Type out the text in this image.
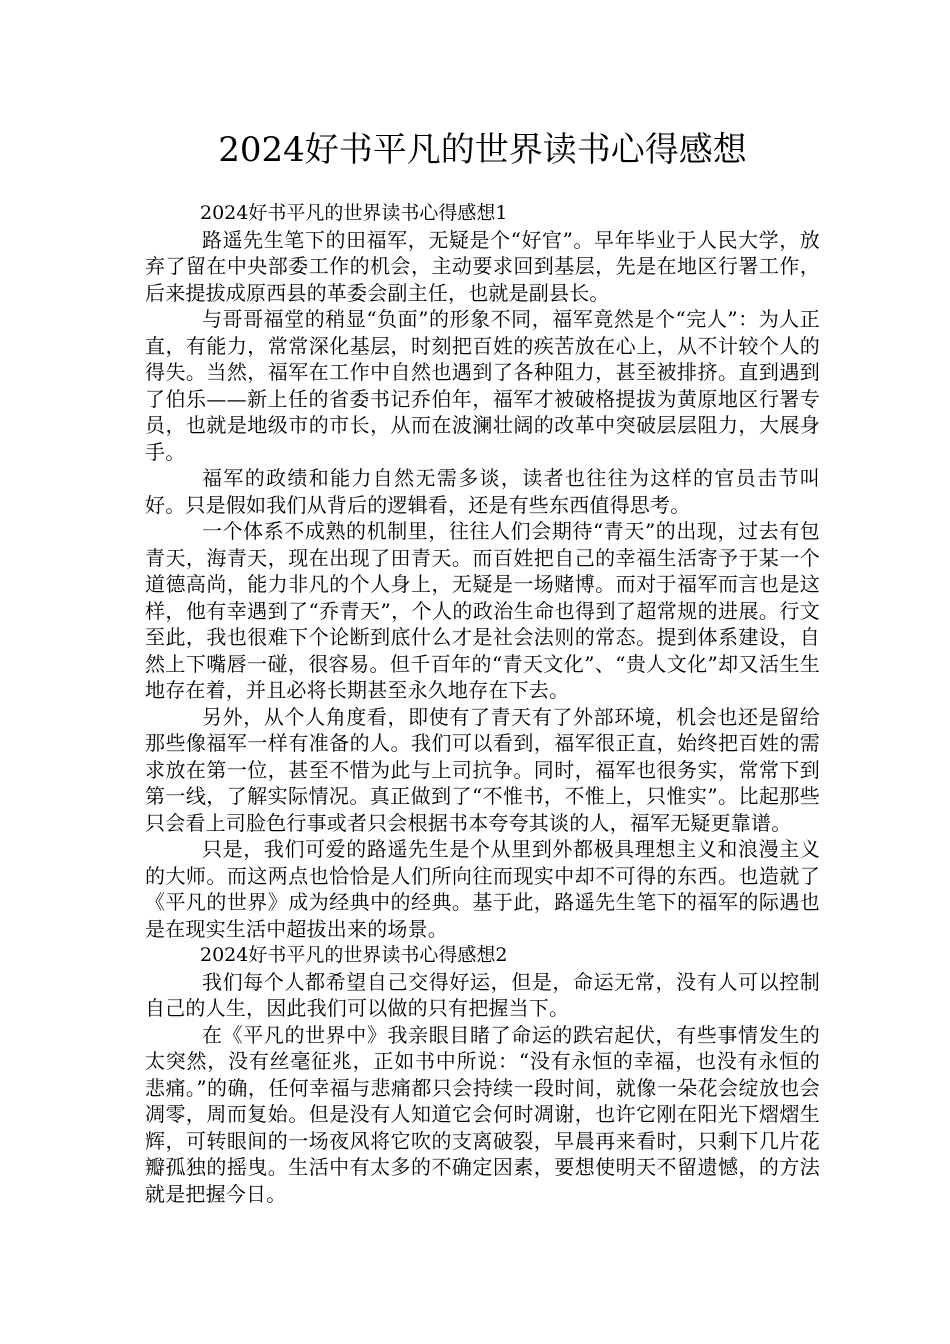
2024好书平凡的世界读书心得感想

2024好书平凡的世界读书心得感想1

路遥先生笔下的田福军，无疑是个“好官”。早年毕业于人民大学，放弃了留在中央部委工作的机会，主动要求回到基层，先是在地区行署工作，后来提拔成原西县的革委会副主任，也就是副县长。

与哥哥福堂的稍显“负面”的形象不同，福军竟然是个“完人”：为人正直，有能力，常常深化基层，时刻把百姓的疾苦放在心上，从不计较个人的得失。当然，福军在工作中自然也遇到了各种阻力，甚至被排挤。直到遇到了伯乐——新上任的省委书记乔伯年，福军才被破格提拔为黄原地区行署专员，也就是地级市的市长，从而在波澜壮阔的改革中突破层层阻力，大展身手。

福军的政绩和能力自然无需多谈，读者也往往为这样的官员击节叫好。只是假如我们从背后的逻辑看，还是有些东西值得思考。

一个体系不成熟的机制里，往往人们会期待“青天”的出现，过去有包青天，海青天，现在出现了田青天。而百姓把自己的幸福生活寄予于某一个道德高尚，能力非凡的个人身上，无疑是一场赌博。而对于福军而言也是这样，他有幸遇到了“乔青天”，个人的政治生命也得到了超常规的进展。行文至此，我也很难下个论断到底什么才是社会法则的常态。提到体系建设，自然上下嘴唇一碰，很容易。但千百年的“青天文化”、“贵人文化”却又活生生地存在着，并且必将长期甚至永久地存在下去。

另外，从个人角度看，即使有了青天有了外部环境，机会也还是留给那些像福军一样有准备的人。我们可以看到，福军很正直，始终把百姓的需求放在第一位，甚至不惜为此与上司抗争。同时，福军也很务实，常常下到第一线，了解实际情况。真正做到了“不惟书，不惟上，只惟实”。比起那些只会看上司脸色行事或者只会根据书本夸夸其谈的人，福军无疑更靠谱。

只是，我们可爱的路遥先生是个从里到外都极具理想主义和浪漫主义的大师。而这两点也恰恰是人们所向往而现实中却不可得的东西。也造就了《平凡的世界》成为经典中的经典。基于此，路遥先生笔下的福军的际遇也是在现实生活中超拔出来的场景。

2024好书平凡的世界读书心得感想2

我们每个人都希望自己交得好运，但是，命运无常，没有人可以控制自己的人生，因此我们可以做的只有把握当下。

在《平凡的世界中》我亲眼目睹了命运的跌宕起伏，有些事情发生的太突然，没有丝毫征兆，正如书中所说：“没有永恒的幸福，也没有永恒的悲痛。”的确，任何幸福与悲痛都只会持续一段时间，就像一朵花会绽放也会凋零，周而复始。但是没有人知道它会何时凋谢，也许它刚在阳光下熠熠生辉，可转眼间的一场夜风将它吹的支离破裂，早晨再来看时，只剩下几片花瓣孤独的摇曳。生活中有太多的不确定因素，要想使明天不留遗憾，的方法就是把握今日。
